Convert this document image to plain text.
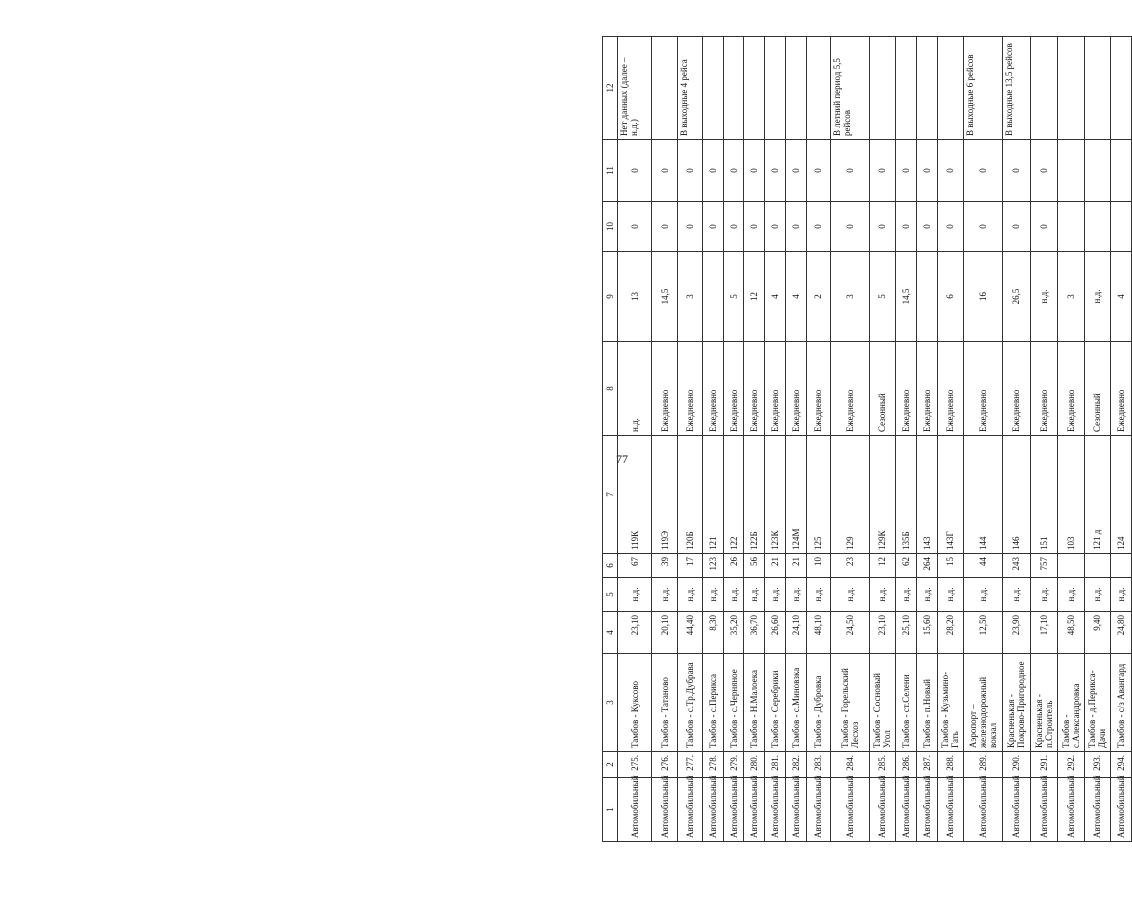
77
1	2	3	4	5	6	7	8	9	10	11	12
Автомобильный	275.	Тамбов - Куксово	23,10	н.д.	67	119К	н.д.	13	0	0	Нет данных (далее – н.д.)
Автомобильный	276.	Тамбов - Татаново	20,10	н.д.	39	119Э	Ежедневно	14,5	0	0	
Автомобильный	277.	Тамбов - с.Тр.Дубрава	44,40	н.д.	17	120Б	Ежедневно	3	0	0	В выходные 4 рейса
Автомобильный	278.	Тамбов - с.Периксa	8,30	н.д.	123	121	Ежедневно		0	0	
Автомобильный	279.	Тамбов - с.Черняное	35,20	н.д.	26	122	Ежедневно	5	0	0	
Автомобильный	280.	Тамбов - Н.Малоека	36,70	н.д.	56	122Б	Ежедневно	12	0	0	
Автомобильный	281.	Тамбов - Серебрики	26,60	н.д.	21	123К	Ежедневно	4	0	0	
Автомобильный	282.	Тамбов - с.Миновзка	24,10	н.д.	21	124М	Ежедневно	4	0	0	
Автомобильный	283.	Тамбов - Дубровка	48,10	н.д.	10	125	Ежедневно	2	0	0	
Автомобильный	284.	Тамбов - Горельский Лесхоз	24,50	н.д.	23	129	Ежедневно	3	0	0	В летний период 5,5 рейсов
Автомобильный	285.	Тамбов - Сосновый Угол	23,10	н.д.	12	129К	Сезонный	5	0	0	
Автомобильный	286.	Тамбов - ст.Селени	25,10	н.д.	62	135Б	Ежедневно	14,5	0	0	
Автомобильный	287.	Тамбов - п.Новый	15,60	н.д.	264	143	Ежедневно		0	0	
Автомобильный	288.	Тамбов - Кузьмино-Гать	28,20	н.д.	15	143Г	Ежедневно	6	0	0	
Автомобильный	289.	Аэропорт – железнодорожный вокзал	12,50	н.д.	44	144	Ежедневно	16	0	0	В выходные 6 рейсов
Автомобильный	290.	Красненькая - Покрово-Пригородное	23,90	н.д.	243	146	Ежедневно	26,5	0	0	В выходные 13,5 рейсов
Автомобильный	291.	Красненькая - п.Строитель	17,10	н.д.	757	151	Ежедневно	н.д.	0	0	
Автомобильный	292.	Тамбов - с.Александровка	48,50	н.д.		103	Ежедневно	3			
Автомобильный	293.	Тамбов - д.Периксa-Дачи	9,40	н.д.		121 д	Сезонный	н.д.			
Автомобильный	294.	Тамбов - с/з Авангард	24,80	н.д.		124	Ежедневно	4			
